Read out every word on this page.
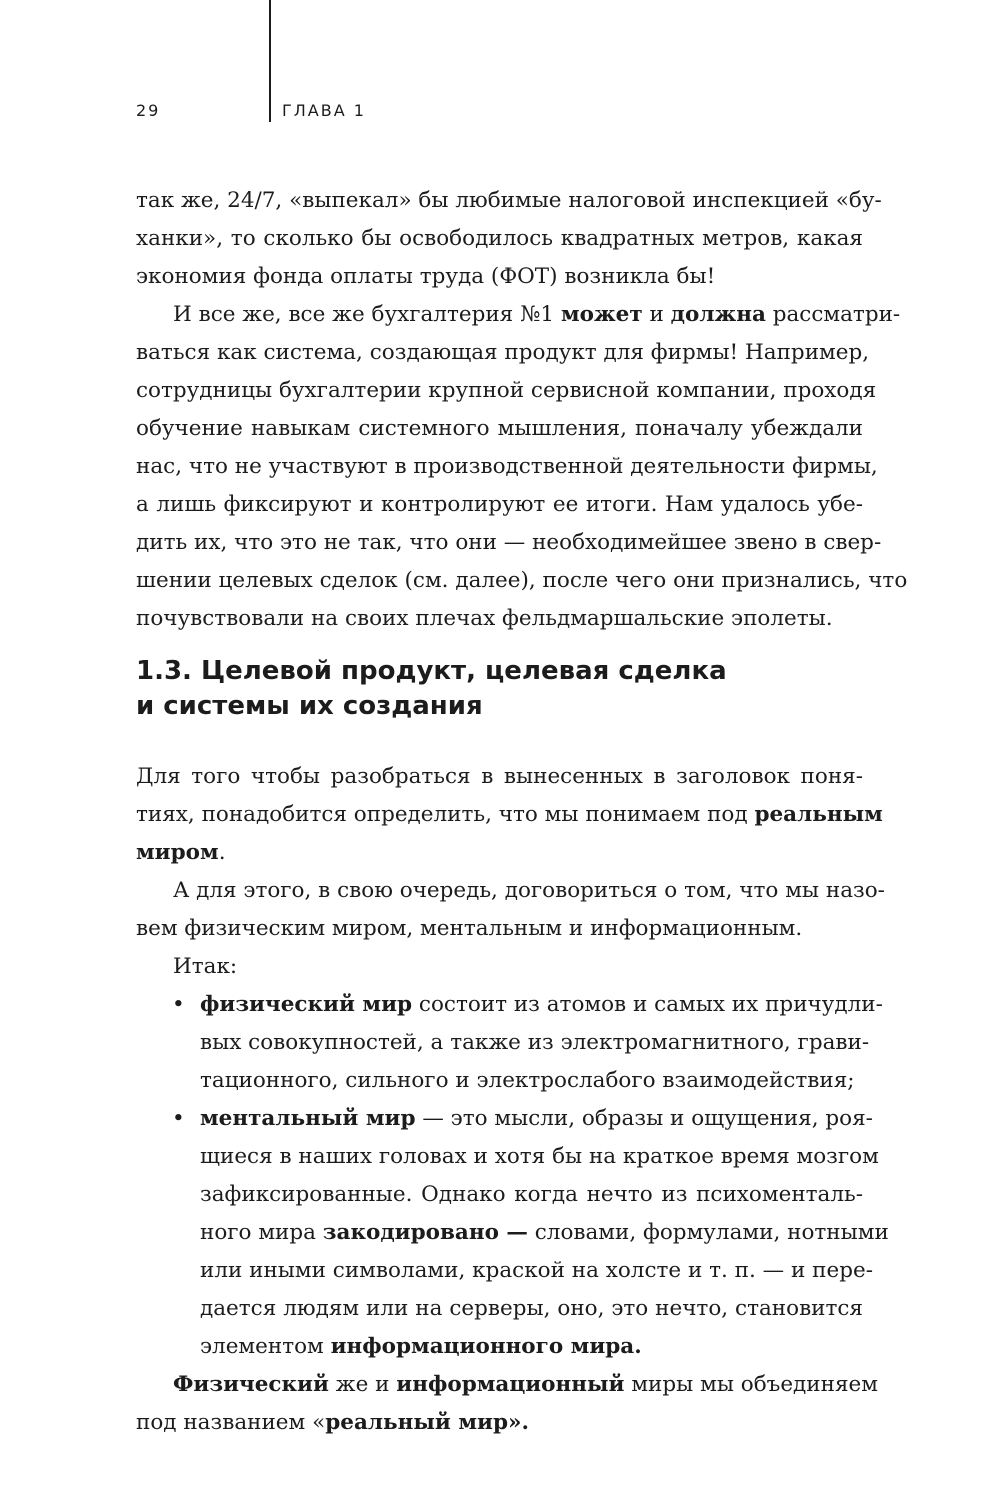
29	ГЛАВА 1
так же, 24/7, «выпекал» бы любимые налоговой инспекцией «бу-
ханки», то сколько бы освободилось квадратных метров, какая
экономия фонда оплаты труда (ФОТ) возникла бы!
И все же, все же бухгалтерия №1 может и должна рассматри-
ваться как система, создающая продукт для фирмы! Например,
сотрудницы бухгалтерии крупной сервисной компании, проходя
обучение навыкам системного мышления, поначалу убеждали
нас, что не участвуют в производственной деятельности фирмы,
а лишь фиксируют и контролируют ее итоги. Нам удалось убе-
дить их, что это не так, что они — необходимейшее звено в свер-
шении целевых сделок (см. далее), после чего они признались, что
почувствовали на своих плечах фельдмаршальские эполеты.
1.3. Целевой продукт, целевая сделка
и системы их создания
Для того чтобы разобраться в вынесенных в заголовок поня-
тиях, понадобится определить, что мы понимаем под реальным
миром.
А для этого, в свою очередь, договориться о том, что мы назо-
вем физическим миром, ментальным и информационным.
Итак:
• физический мир состоит из атомов и самых их причудли-
вых совокупностей, а также из электромагнитного, грави-
тационного, сильного и электрослабого взаимодействия;
• ментальный мир — это мысли, образы и ощущения, роя-
щиеся в наших головах и хотя бы на краткое время мозгом
зафиксированные. Однако когда нечто из психоменталь-
ного мира закодировано — словами, формулами, нотными
или иными символами, краской на холсте и т. п. — и пере-
дается людям или на серверы, оно, это нечто, становится
элементом информационного мира.
Физический же и информационный миры мы объединяем
под названием «реальный мир».
